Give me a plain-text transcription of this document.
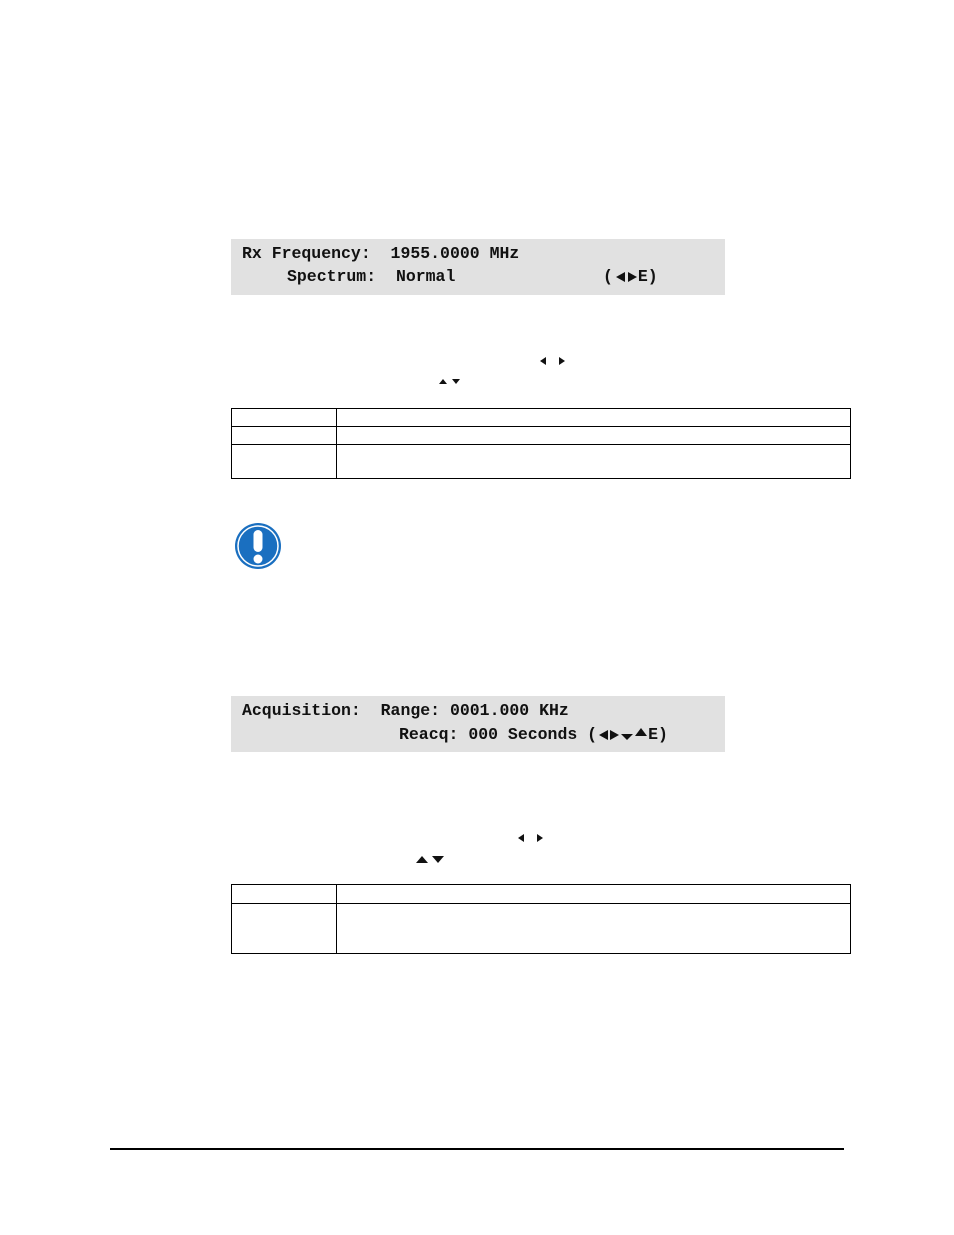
Rx Frequency: 1955.0000 MHz
Spectrum: Normal	( E)

Acquisition: Range: 0001.000 KHz
Reacq: 000 Seconds (	E)
